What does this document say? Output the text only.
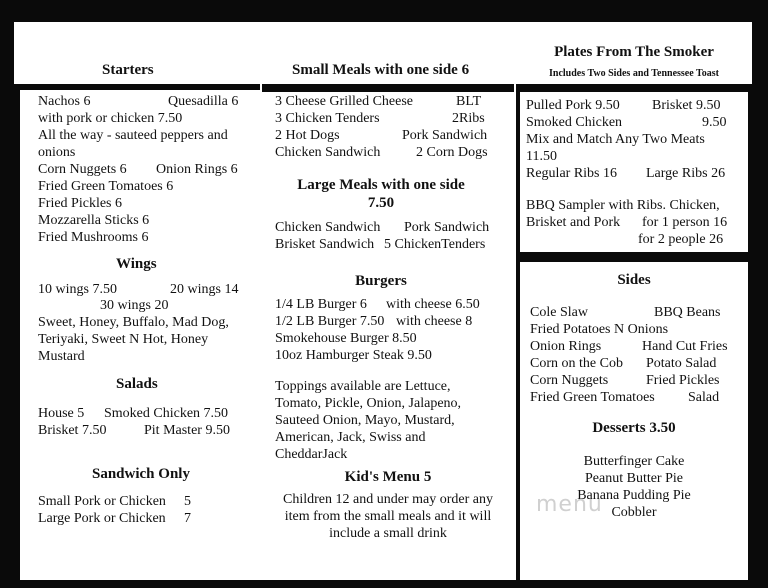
Starters
Nachos 6	Quesadilla 6
with pork or chicken 7.50
All the way - sauteed peppers and
onions
Corn Nuggets 6 Onion Rings 6
Fried Green Tomatoes 6
Fried Pickles 6
Mozzarella Sticks 6
Fried Mushrooms 6
Wings
10 wings 7.50	20 wings 14
30 wings 20
Sweet, Honey, Buffalo, Mad Dog,
Teriyaki, Sweet N Hot, Honey
Mustard
Salads
House 5 Smoked Chicken 7.50
Brisket 7.50	Pit Master 9.50
Sandwich Only
Small Pork or Chicken 5
Large Pork or Chicken 7
Small Meals with one side 6
3 Cheese Grilled Cheese	BLT
3 Chicken Tenders	2Ribs
2 Hot Dogs	Pork Sandwich
Chicken Sandwich	2 Corn Dogs
Large Meals with one side
7.50
Chicken Sandwich Pork Sandwich
Brisket Sandwich 5 ChickenTenders
Burgers
1/4 LB Burger 6 with cheese 6.50
1/2 LB Burger 7.50 with cheese 8
Smokehouse Burger 8.50
10oz Hamburger Steak 9.50
Toppings available are Lettuce,
Tomato, Pickle, Onion, Jalapeno,
Sauteed Onion, Mayo, Mustard,
American, Jack, Swiss and
CheddarJack
Kid's Menu 5
Children 12 and under may order any
item from the small meals and it will
include a small drink
Plates From The Smoker
Includes Two Sides and Tennessee Toast
Pulled Pork 9.50 Brisket 9.50
Smoked Chicken	9.50
Mix and Match Any Two Meats
11.50
Regular Ribs 16 Large Ribs 26
BBQ Sampler with Ribs. Chicken,
Brisket and Pork for 1 person 16
for 2 people 26
Sides
Cole Slaw	BBQ Beans
Fried Potatoes N Onions
Onion Rings	Hand Cut Fries
Corn on the Cob Potato Salad
Corn Nuggets	Fried Pickles
Fried Green Tomatoes Salad
Desserts 3.50
Butterfinger Cake
Peanut Butter Pie
Banana Pudding Pie
Cobbler
menu
